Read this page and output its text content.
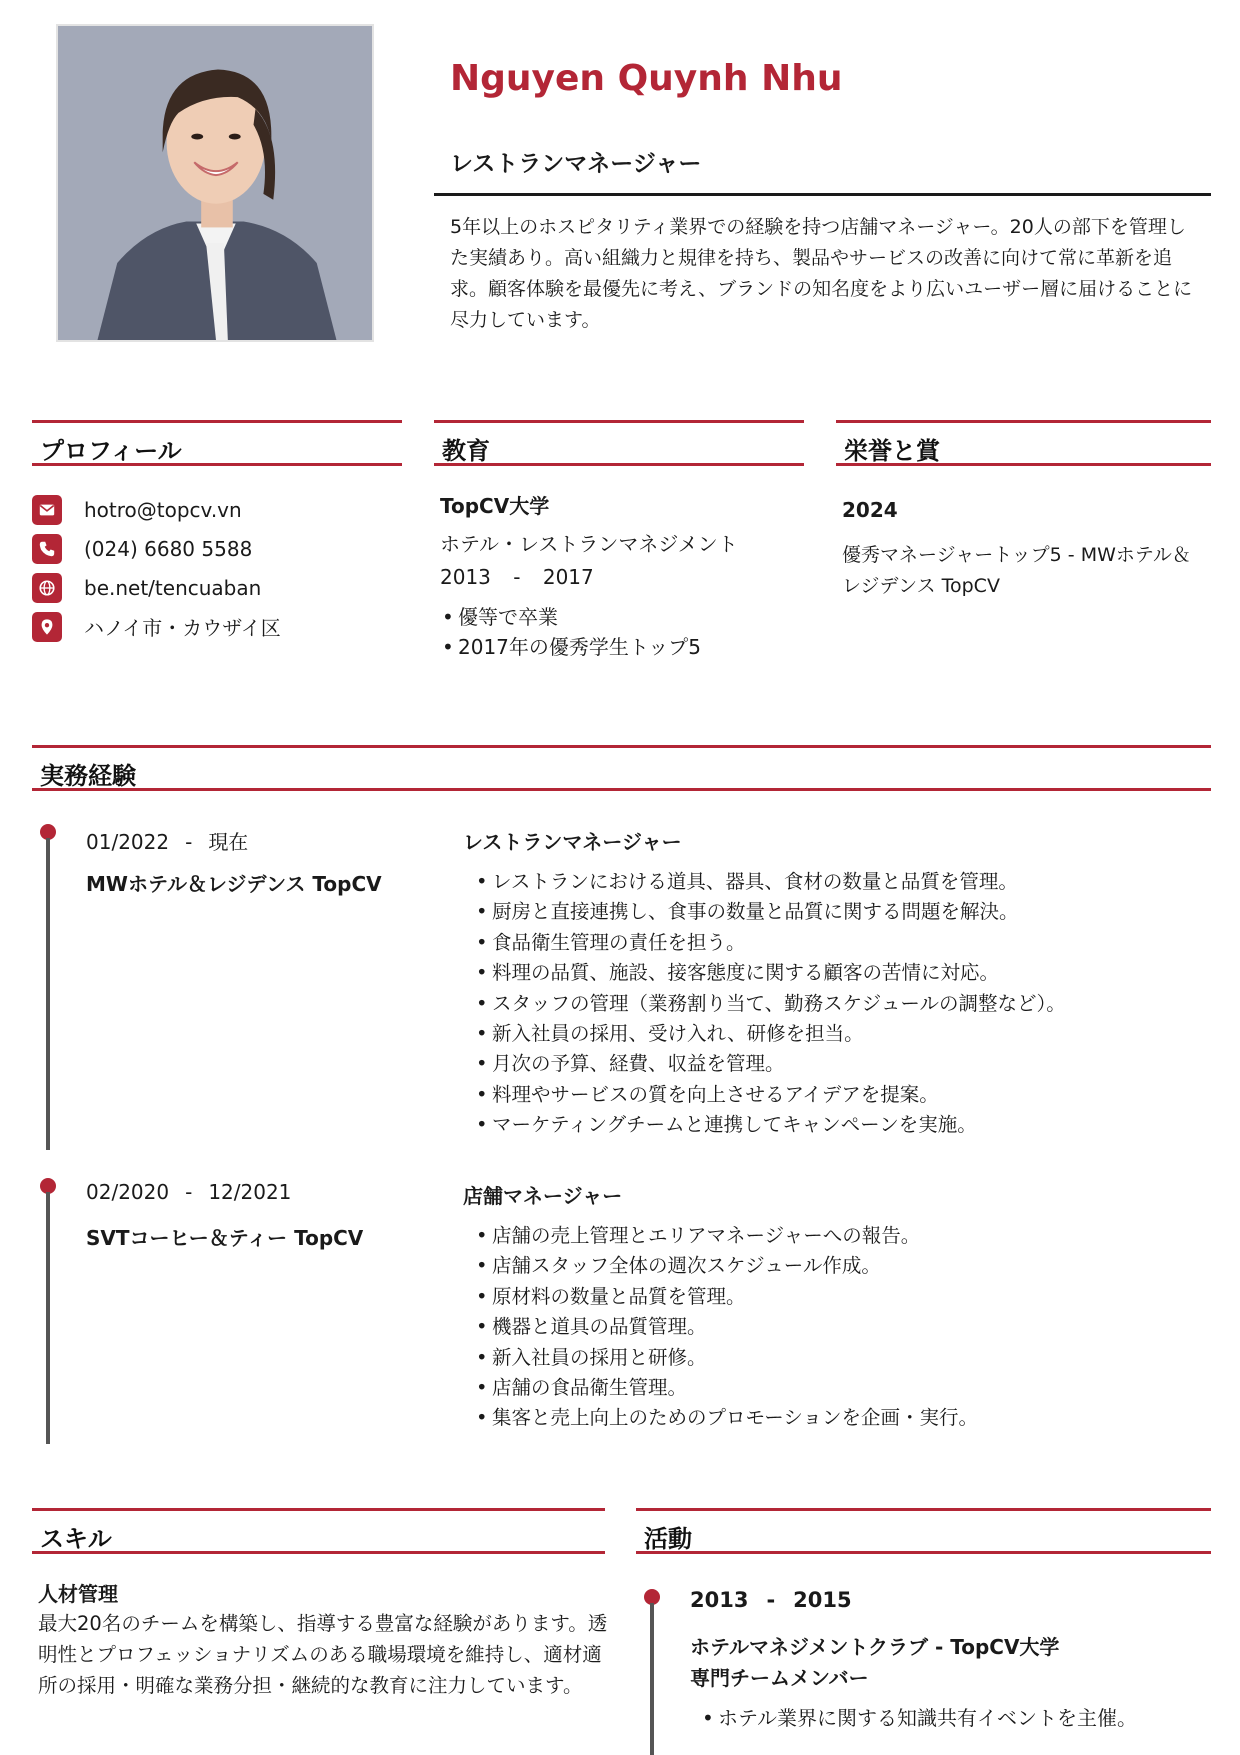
Nguyen Quynh Nhu
レストランマネージャー

5年以上のホスピタリティ業界での経験を持つ店舗マネージャー。20人の部下を管理した実績あり。高い組織力と規律を持ち、製品やサービスの改善に向けて常に革新を追求。顧客体験を最優先に考え、ブランドの知名度をより広いユーザー層に届けることに尽力しています。

プロフィール	教育	栄誉と賞
hotro@topcv.vn
(024) 6680 5588
be.net/tencuaban
ハノイ市・カウザイ区
TopCV大学
ホテル・レストランマネジメント
2013 - 2017
• 優等で卒業
• 2017年の優秀学生トップ5
2024
優秀マネージャートップ5 - MWホテル＆レジデンス TopCV
実務経験
01/2022 - 現在
MWホテル＆レジデンス TopCV
レストランマネージャー
• レストランにおける道具、器具、食材の数量と品質を管理。
• 厨房と直接連携し、食事の数量と品質に関する問題を解決。
• 食品衛生管理の責任を担う。
• 料理の品質、施設、接客態度に関する顧客の苦情に対応。
• スタッフの管理（業務割り当て、勤務スケジュールの調整など）。
• 新入社員の採用、受け入れ、研修を担当。
• 月次の予算、経費、収益を管理。
• 料理やサービスの質を向上させるアイデアを提案。
• マーケティングチームと連携してキャンペーンを実施。
02/2020 - 12/2021
SVTコーヒー＆ティー TopCV
店舗マネージャー
• 店舗の売上管理とエリアマネージャーへの報告。
• 店舗スタッフ全体の週次スケジュール作成。
• 原材料の数量と品質を管理。
• 機器と道具の品質管理。
• 新入社員の採用と研修。
• 店舗の食品衛生管理。
• 集客と売上向上のためのプロモーションを企画・実行。
スキル	活動
人材管理
最大20名のチームを構築し、指導する豊富な経験があります。透明性とプロフェッショナリズムのある職場環境を維持し、適材適所の採用・明確な業務分担・継続的な教育に注力しています。
2013 - 2015
ホテルマネジメントクラブ - TopCV大学
専門チームメンバー
• ホテル業界に関する知識共有イベントを主催。
